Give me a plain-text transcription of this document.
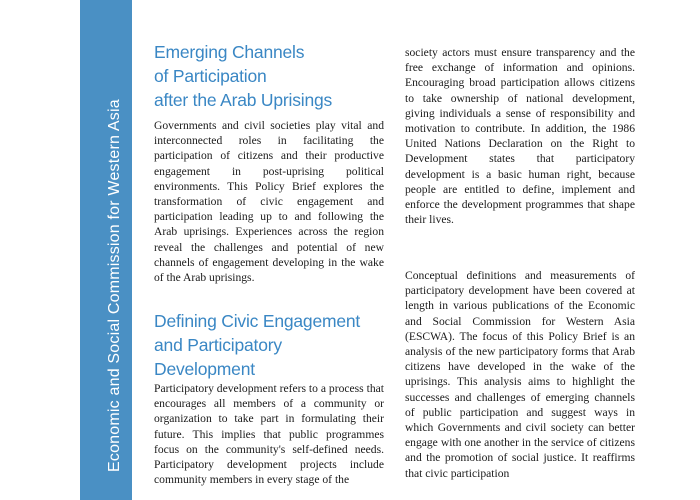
Economic and Social Commission for Western Asia
Emerging Channels
of Participation
after the Arab Uprisings

Governments and civil societies play vital and interconnected roles in facilitating the participation of citizens and their productive engagement in post-uprising political environments. This Policy Brief explores the transformation of civic engagement and participation leading up to and following the Arab uprisings. Experiences across the region reveal the challenges and potential of new channels of engagement developing in the wake of the Arab uprisings.

Defining Civic Engagement
and Participatory
Development

Participatory development refers to a process that encourages all members of a community or organization to take part in formulating their future. This implies that public programmes focus on the community's self-defined needs. Participatory development projects include community members in every stage of the

society actors must ensure transparency and the free exchange of information and opinions. Encouraging broad participation allows citizens to take ownership of national development, giving individuals a sense of responsibility and motivation to contribute. In addition, the 1986 United Nations Declaration on the Right to Development states that participatory development is a basic human right, because people are entitled to define, implement and enforce the development programmes that shape their lives.

Conceptual definitions and measurements of participatory development have been covered at length in various publications of the Economic and Social Commission for Western Asia (ESCWA). The focus of this Policy Brief is an analysis of the new participatory forms that Arab citizens have developed in the wake of the uprisings. This analysis aims to highlight the successes and challenges of emerging channels of public participation and suggest ways in which Governments and civil society can better engage with one another in the service of citizens and the promotion of social justice. It reaffirms that civic participation
